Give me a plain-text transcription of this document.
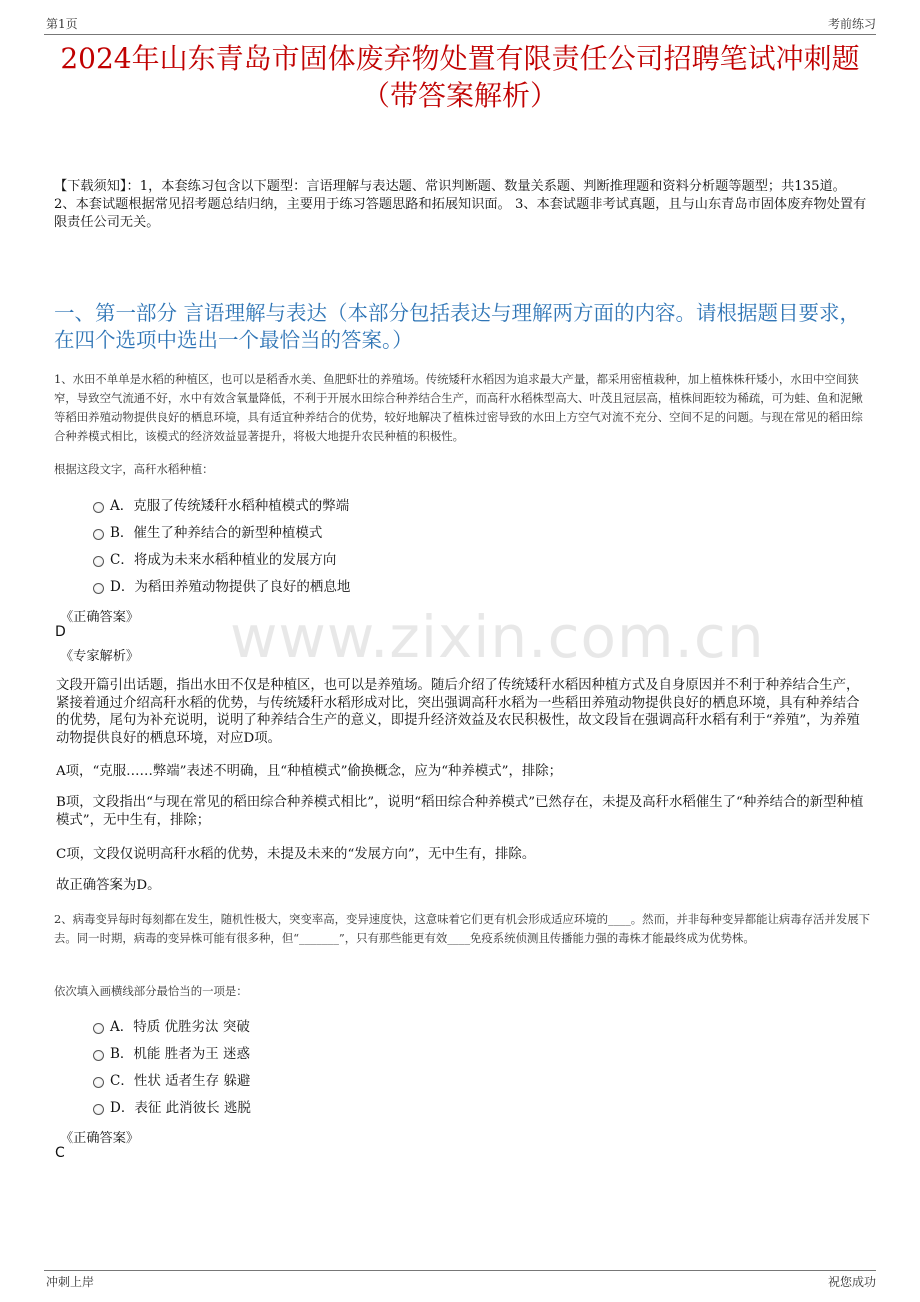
第1页	考前练习
2024年山东青岛市固体废弃物处置有限责任公司招聘笔试冲刺题（带答案解析）
【下载须知】：1，本套练习包含以下题型：言语理解与表达题、常识判断题、数量关系题、判断推理题和资料分析题等题型；共135道。 2、本套试题根据常见招考题总结归纳，主要用于练习答题思路和拓展知识面。 3、本套试题非考试真题，且与山东青岛市固体废弃物处置有限责任公司无关。
一、第一部分 言语理解与表达（本部分包括表达与理解两方面的内容。请根据题目要求，在四个选项中选出一个最恰当的答案。）
1、水田不单单是水稻的种植区，也可以是稻香水美、鱼肥虾壮的养殖场。传统矮秆水稻因为追求最大产量，都采用密植栽种，加上植株株秆矮小，水田中空间狭窄，导致空气流通不好，水中有效含氧量降低，不利于开展水田综合种养结合生产，而高秆水稻株型高大、叶茂且冠层高，植株间距较为稀疏，可为蛙、鱼和泥鳅等稻田养殖动物提供良好的栖息环境，具有适宜种养结合的优势，较好地解决了植株过密导致的水田上方空气对流不充分、空间不足的问题。与现在常见的稻田综合种养模式相比，该模式的经济效益显著提升，将极大地提升农民种植的积极性。
根据这段文字，高秆水稻种植：
A．克服了传统矮秆水稻种植模式的弊端
B．催生了种养结合的新型种植模式
C．将成为未来水稻种植业的发展方向
D．为稻田养殖动物提供了良好的栖息地
《正确答案》
D
《专家解析》 www.zixin.com.cn
文段开篇引出话题，指出水田不仅是种植区，也可以是养殖场。随后介绍了传统矮秆水稻因种植方式及自身原因并不利于种养结合生产，紧接着通过介绍高秆水稻的优势，与传统矮秆水稻形成对比，突出强调高秆水稻为一些稻田养殖动物提供良好的栖息环境，具有种养结合的优势，尾句为补充说明，说明了种养结合生产的意义，即提升经济效益及农民积极性，故文段旨在强调高秆水稻有利于“养殖”，为养殖动物提供良好的栖息环境，对应D项。
A项，“克服……弊端”表述不明确，且“种植模式”偷换概念，应为“种养模式”，排除；
B项，文段指出“与现在常见的稻田综合种养模式相比”，说明“稻田综合种养模式”已然存在，未提及高秆水稻催生了“种养结合的新型种植模式”，无中生有，排除；
C项，文段仅说明高秆水稻的优势，未提及未来的“发展方向”，无中生有，排除。
故正确答案为D。
2、病毒变异每时每刻都在发生，随机性极大，突变率高，变异速度快，这意味着它们更有机会形成适应环境的____。然而，并非每种变异都能让病毒存活并发展下去。同一时期，病毒的变异株可能有很多种，但“_______”，只有那些能更有效____免疫系统侦测且传播能力强的毒株才能最终成为优势株。
依次填入画横线部分最恰当的一项是：
A．特质 优胜劣汰 突破
B．机能 胜者为王 迷惑
C．性状 适者生存 躲避
D．表征 此消彼长 逃脱
《正确答案》
C
冲刺上岸	祝您成功
